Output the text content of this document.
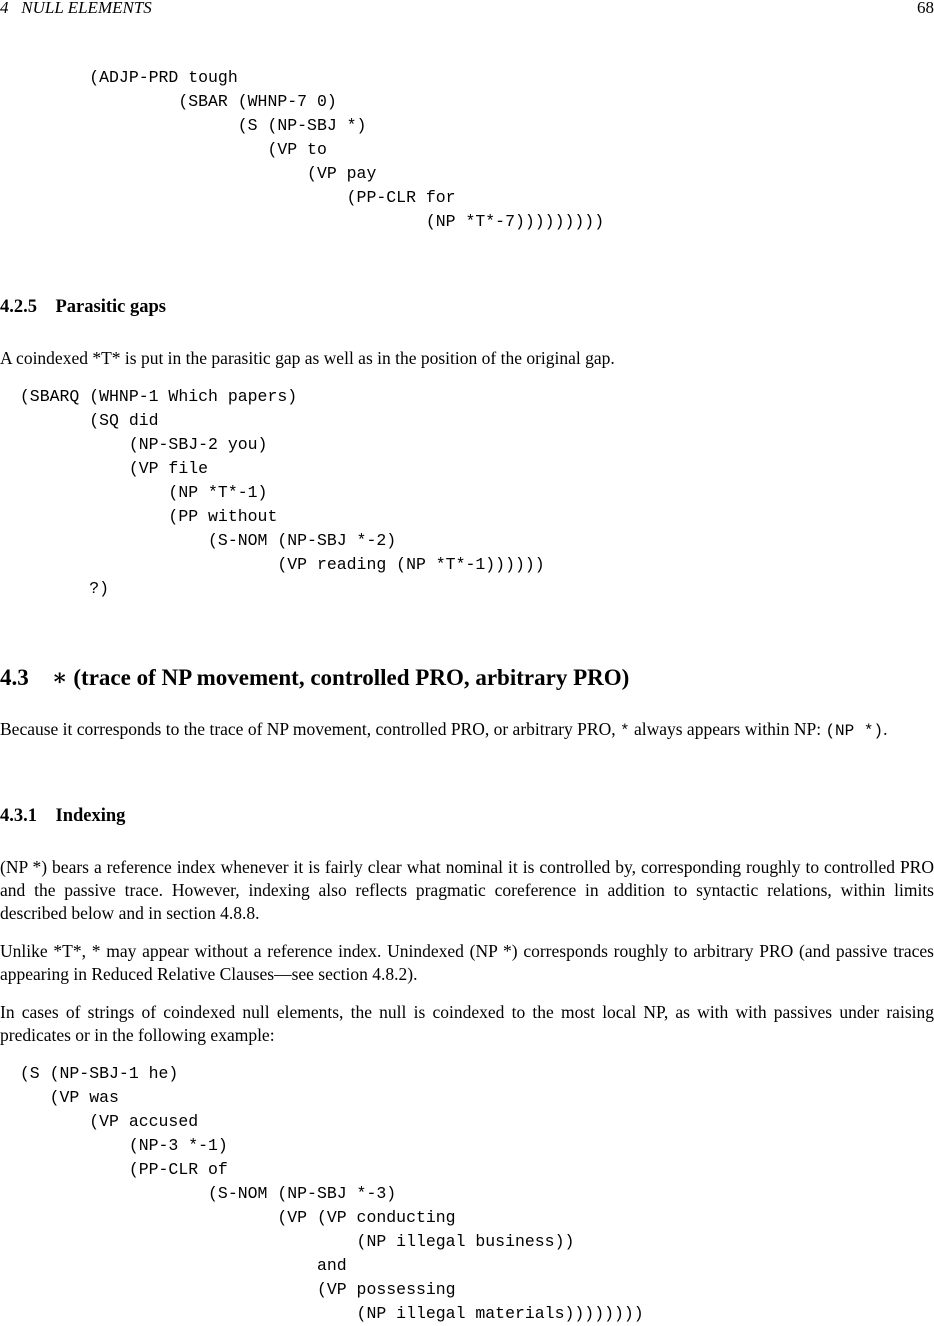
4   NULL ELEMENTS	68
(ADJP-PRD tough
(SBAR (WHNP-7 0)
(S (NP-SBJ *)
(VP to
(VP pay
(PP-CLR for
(NP *T*-7)))))))))
4.2.5    Parasitic gaps
A coindexed *T* is put in the parasitic gap as well as in the position of the original gap.
(SBARQ (WHNP-1 Which papers)
(SQ did
(NP-SBJ-2 you)
(VP file
(NP *T*-1)
(PP without
(S-NOM (NP-SBJ *-2)
(VP reading (NP *T*-1))))))
?)
4.3    ∗ (trace of NP movement, controlled PRO, arbitrary PRO)
Because it corresponds to the trace of NP movement, controlled PRO, or arbitrary PRO, * always appears within NP: (NP *).
4.3.1    Indexing
(NP *) bears a reference index whenever it is fairly clear what nominal it is controlled by, corresponding roughly to controlled PRO and the passive trace. However, indexing also reflects pragmatic coreference in addition to syntactic relations, within limits described below and in section 4.8.8.
Unlike *T*, * may appear without a reference index. Unindexed (NP *) corresponds roughly to arbitrary PRO (and passive traces appearing in Reduced Relative Clauses—see section 4.8.2).
In cases of strings of coindexed null elements, the null is coindexed to the most local NP, as with with passives under raising predicates or in the following example:
(S (NP-SBJ-1 he)
(VP was
(VP accused
(NP-3 *-1)
(PP-CLR of
(S-NOM (NP-SBJ *-3)
(VP (VP conducting
(NP illegal business))
and
(VP possessing
(NP illegal materials))))))))
